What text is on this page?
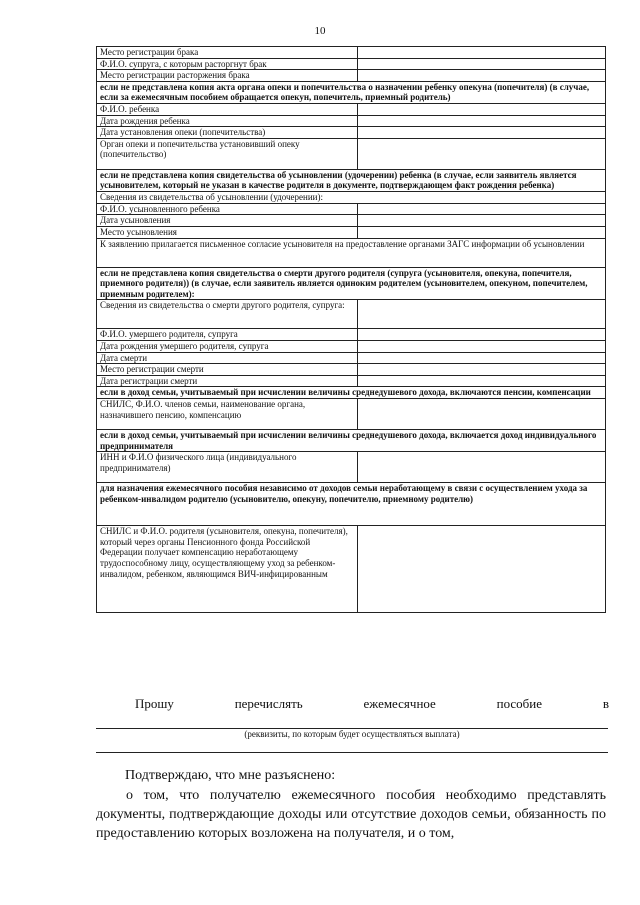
10
Место регистрации брака	
Ф.И.О. супруга, с которым расторгнут брак	
Место регистрации расторжения брака	
если не представлена копия акта органа опеки и попечительства о назначении ребенку опекуна (попечителя) (в случае, если за ежемесячным пособием обращается опекун, попечитель, приемный родитель)	
Ф.И.О. ребенка	
Дата рождения ребенка	
Дата установления опеки (попечительства)	
Орган опеки и попечительства установивший опеку (попечительство)	
если не представлена копия свидетельства об усыновлении (удочерении) ребенка (в случае, если заявитель является усыновителем, который не указан в качестве родителя в документе, подтверждающем факт рождения ребенка)	
Сведения из свидетельства об усыновлении (удочерении):	
Ф.И.О. усыновленного ребенка	
Дата усыновления	
Место усыновления	
К заявлению прилагается письменное согласие усыновителя на предоставление органами ЗАГС информации об усыновлении	
если не представлена копия свидетельства о смерти другого родителя (супруга (усыновителя, опекуна, попечителя, приемного родителя)) (в случае, если заявитель является одиноким родителем (усыновителем, опекуном, попечителем, приемным родителем):	
Сведения из свидетельства о смерти другого родителя, супруга:	
Ф.И.О. умершего родителя, супруга	
Дата рождения умершего родителя, супруга	
Дата смерти	
Место регистрации смерти	
Дата регистрации смерти	
если в доход семьи, учитываемый при исчислении величины среднедушевого дохода, включаются пенсии, компенсации	
СНИЛС, Ф.И.О. членов семьи, наименование органа, назначившего пенсию, компенсацию	
если в доход семьи, учитываемый при исчислении величины среднедушевого дохода, включается доход индивидуального предпринимателя	
ИНН и Ф.И.О физического лица (индивидуального предпринимателя)	
для назначения ежемесячного пособия независимо от доходов семьи неработающему в связи с осуществлением ухода за ребенком-инвалидом родителю (усыновителю, опекуну, попечителю, приемному родителю)	
СНИЛС и Ф.И.О. родителя (усыновителя, опекуна, попечителя), который через органы Пенсионного фонда Российской Федерации получает компенсацию неработающему трудоспособному лицу, осуществляющему уход за ребенком-инвалидом, ребенком, являющимся ВИЧ-инфицированным	
Прошу	перечислять	ежемесячное	пособие	в
(реквизиты, по которым будет осуществляться выплата)
Подтверждаю, что мне разъяснено:
о том, что получателю ежемесячного пособия необходимо представлять документы, подтверждающие доходы или отсутствие доходов семьи, обязанность по предоставлению которых возложена на получателя, и о том,
